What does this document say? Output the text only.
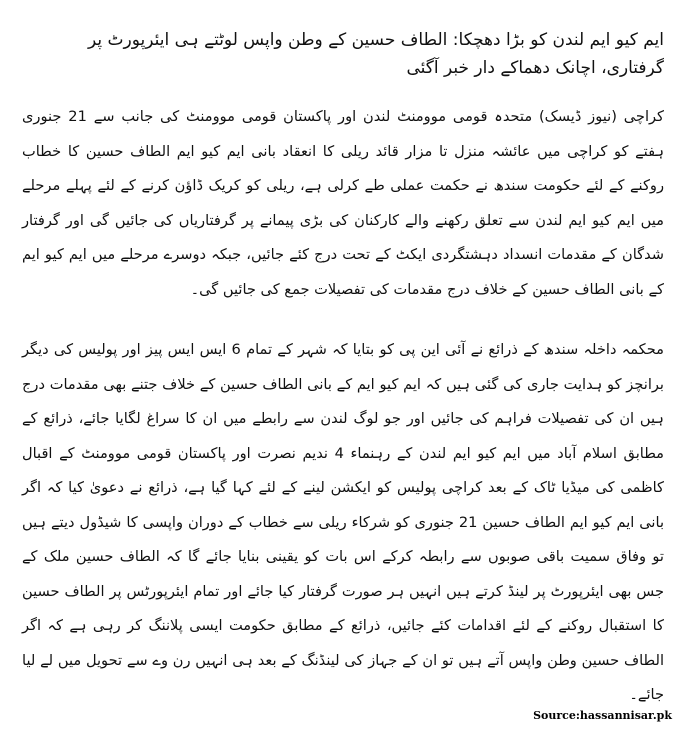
ایم کیو ایم لندن کو بڑا دھچکا: الطاف حسین کے وطن واپس لوٹتے ہی ایئرپورٹ پر گرفتاری، اچانک دھماکے دار خبر آگئی

کراچی (نیوز ڈیسک) متحدہ قومی موومنٹ لندن اور پاکستان قومی موومنٹ کی جانب سے 21 جنوری ہفتے کو کراچی میں عائشہ منزل تا مزار قائد ریلی کا انعقاد بانی ایم کیو ایم الطاف حسین کا خطاب روکنے کے لئے حکومت سندھ نے حکمت عملی طے کرلی ہے، ریلی کو کریک ڈاؤن کرنے کے لئے پہلے مرحلے میں ایم کیو ایم لندن سے تعلق رکھنے والے کارکنان کی بڑی پیمانے پر گرفتاریاں کی جائیں گی اور گرفتار شدگان کے مقدمات انسداد دہشتگردی ایکٹ کے تحت درج کئے جائیں، جبکہ دوسرے مرحلے میں ایم کیو ایم کے بانی الطاف حسین کے خلاف درج مقدمات کی تفصیلات جمع کی جائیں گی۔

محکمہ داخلہ سندھ کے ذرائع نے آئی این پی کو بتایا کہ شہر کے تمام 6 ایس ایس پیز اور پولیس کی دیگر برانچز کو ہدایت جاری کی گئی ہیں کہ ایم کیو ایم کے بانی الطاف حسین کے خلاف جتنے بھی مقدمات درج ہیں ان کی تفصیلات فراہم کی جائیں اور جو لوگ لندن سے رابطے میں ان کا سراغ لگایا جائے، ذرائع کے مطابق اسلام آباد میں ایم کیو ایم لندن کے رہنماء 4 ندیم نصرت اور پاکستان قومی موومنٹ کے اقبال کاظمی کی میڈیا ٹاک کے بعد کراچی پولیس کو ایکشن لینے کے لئے کہا گیا ہے، ذرائع نے دعویٰ کیا کہ اگر بانی ایم کیو ایم الطاف حسین 21 جنوری کو شرکاء ریلی سے خطاب کے دوران واپسی کا شیڈول دیتے ہیں تو وفاق سمیت باقی صوبوں سے رابطہ کرکے اس بات کو یقینی بنایا جائے گا کہ الطاف حسین ملک کے جس بھی ایئرپورٹ پر لینڈ کرتے ہیں انہیں ہر صورت گرفتار کیا جائے اور تمام ایئرپورٹس پر الطاف حسین کا استقبال روکنے کے لئے اقدامات کئے جائیں، ذرائع کے مطابق حکومت ایسی پلاننگ کر رہی ہے کہ اگر الطاف حسین وطن واپس آتے ہیں تو ان کے جہاز کی لینڈنگ کے بعد ہی انہیں رن وے سے تحویل میں لے لیا جائے۔

Source:hassannisar.pk
